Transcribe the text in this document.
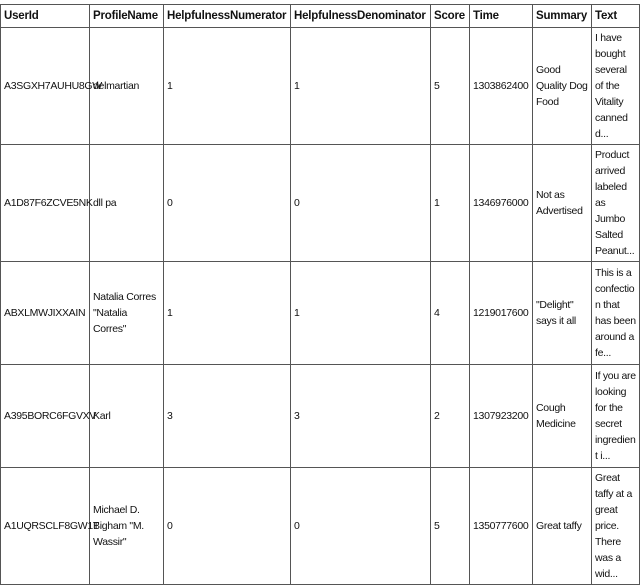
UserId	ProfileName	HelpfulnessNumerator	HelpfulnessDenominator	Score	Time	Summary	Text
A3SGXH7AUHU8GW	delmartian	1	1	5	1303862400	Good Quality Dog Food	I have bought several of the Vitality canned d...
A1D87F6ZCVE5NK	dll pa	0	0	1	1346976000	Not as Advertised	Product arrived labeled as Jumbo Salted Peanut...
ABXLMWJIXXAIN	Natalia Corres "Natalia Corres"	1	1	4	1219017600	"Delight" says it all	This is a confection that has been around a fe...
A395BORC6FGVXV	Karl	3	3	2	1307923200	Cough Medicine	If you are looking for the secret ingredient i...
A1UQRSCLF8GW1T	Michael D. Bigham "M. Wassir"	0	0	5	1350777600	Great taffy	Great taffy at a great price. There was a wid...
